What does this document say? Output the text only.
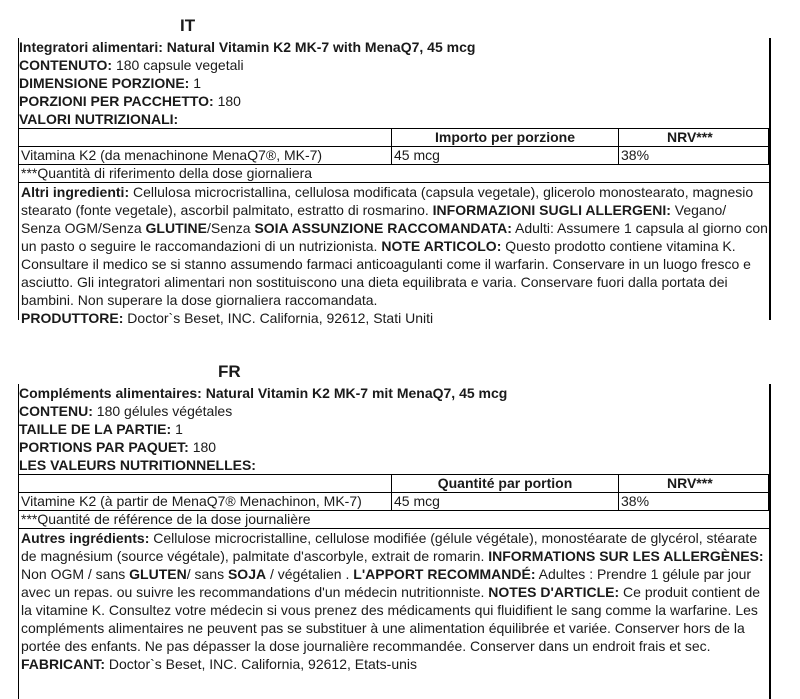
IT
Integratori alimentari: Natural Vitamin K2 MK-7 with MenaQ7, 45 mcg
CONTENUTO: 180 capsule vegetali
DIMENSIONE PORZIONE: 1
PORZIONI PER PACCHETTO: 180
VALORI NUTRIZIONALI:
	Importo per porzione	NRV***
Vitamina K2 (da menachinone MenaQ7®, MK-7)	45 mcg	38%
***Quantità di riferimento della dose giornaliera
Altri ingredienti: Cellulosa microcristallina, cellulosa modificata (capsula vegetale), glicerolo monostearato, magnesio stearato (fonte vegetale), ascorbil palmitato, estratto di rosmarino. INFORMAZIONI SUGLI ALLERGENI: Vegano/ Senza OGM/Senza GLUTINE/Senza SOIA ASSUNZIONE RACCOMANDATA: Adulti: Assumere 1 capsula al giorno con un pasto o seguire le raccomandazioni di un nutrizionista. NOTE ARTICOLO: Questo prodotto contiene vitamina K. Consultare il medico se si stanno assumendo farmaci anticoagulanti come il warfarin. Conservare in un luogo fresco e asciutto. Gli integratori alimentari non sostituiscono una dieta equilibrata e varia. Conservare fuori dalla portata dei bambini. Non superare la dose giornaliera raccomandata.
PRODUTTORE: Doctor`s Beset, INC. California, 92612, Stati Uniti
FR
Compléments alimentaires: Natural Vitamin K2 MK-7 mit MenaQ7, 45 mcg
CONTENU: 180 gélules végétales
TAILLE DE LA PARTIE: 1
PORTIONS PAR PAQUET: 180
LES VALEURS NUTRITIONNELLES:
	Quantité par portion	NRV***
Vitamine K2 (à partir de MenaQ7® Menachinon, MK-7)	45 mcg	38%
***Quantité de référence de la dose journalière
Autres ingrédients: Cellulose microcristalline, cellulose modifiée (gélule végétale), monostéarate de glycérol, stéarate de magnésium (source végétale), palmitate d'ascorbyle, extrait de romarin. INFORMATIONS SUR LES ALLERGÈNES: Non OGM / sans GLUTEN/ sans SOJA / végétalien . L'APPORT RECOMMANDÉ: Adultes : Prendre 1 gélule par jour avec un repas. ou suivre les recommandations d'un médecin nutritionniste. NOTES D'ARTICLE: Ce produit contient de la vitamine K. Consultez votre médecin si vous prenez des médicaments qui fluidifient le sang comme la warfarine. Les compléments alimentaires ne peuvent pas se substituer à une alimentation équilibrée et variée. Conserver hors de la portée des enfants. Ne pas dépasser la dose journalière recommandée. Conserver dans un endroit frais et sec.
FABRICANT: Doctor`s Beset, INC. California, 92612, Etats-unis
